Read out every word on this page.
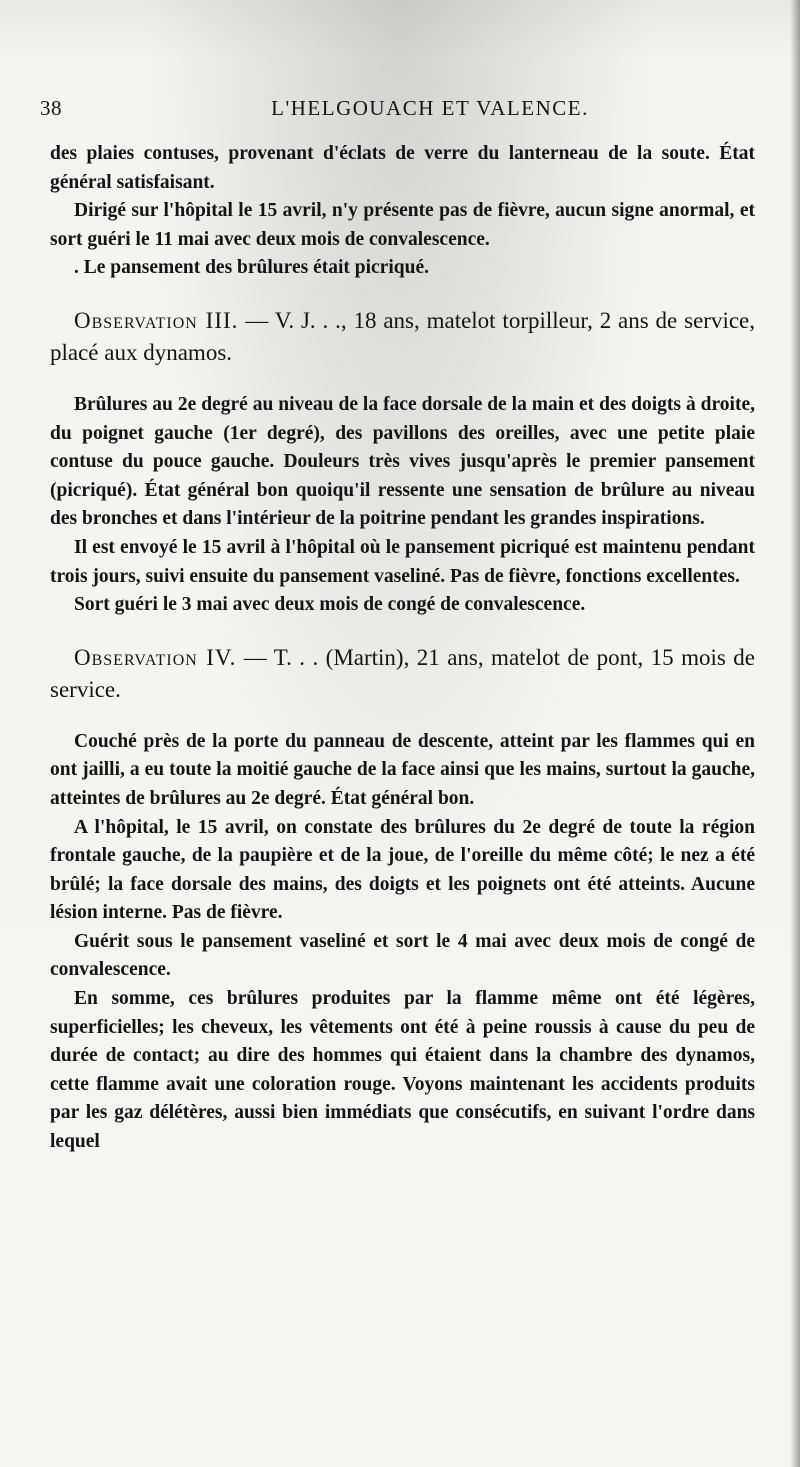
38	L'HELGOUACH ET VALENCE.

des plaies contuses, provenant d'éclats de verre du lanterneau de la soute. État général satisfaisant.

Dirigé sur l'hôpital le 15 avril, n'y présente pas de fièvre, aucun signe anormal, et sort guéri le 11 mai avec deux mois de convalescence.

. Le pansement des brûlures était picriqué.

Observation III. — V. J. . ., 18 ans, matelot torpilleur, 2 ans de service, placé aux dynamos.

Brûlures au 2e degré au niveau de la face dorsale de la main et des doigts à droite, du poignet gauche (1er degré), des pavillons des oreilles, avec une petite plaie contuse du pouce gauche. Douleurs très vives jusqu'après le premier pansement (picriqué). État général bon quoiqu'il ressente une sensation de brûlure au niveau des bronches et dans l'intérieur de la poitrine pendant les grandes inspirations.

Il est envoyé le 15 avril à l'hôpital où le pansement picriqué est maintenu pendant trois jours, suivi ensuite du pansement vaseliné. Pas de fièvre, fonctions excellentes.

Sort guéri le 3 mai avec deux mois de congé de convalescence.

Observation IV. — T. . . (Martin), 21 ans, matelot de pont, 15 mois de service.

Couché près de la porte du panneau de descente, atteint par les flammes qui en ont jailli, a eu toute la moitié gauche de la face ainsi que les mains, surtout la gauche, atteintes de brûlures au 2e degré. État général bon.

A l'hôpital, le 15 avril, on constate des brûlures du 2e degré de toute la région frontale gauche, de la paupière et de la joue, de l'oreille du même côté; le nez a été brûlé; la face dorsale des mains, des doigts et les poignets ont été atteints. Aucune lésion interne. Pas de fièvre.

Guérit sous le pansement vaseliné et sort le 4 mai avec deux mois de congé de convalescence.

En somme, ces brûlures produites par la flamme même ont été légères, superficielles; les cheveux, les vêtements ont été à peine roussis à cause du peu de durée de contact; au dire des hommes qui étaient dans la chambre des dynamos, cette flamme avait une coloration rouge. Voyons maintenant les accidents produits par les gaz délétères, aussi bien immédiats que consécutifs, en suivant l'ordre dans lequel
